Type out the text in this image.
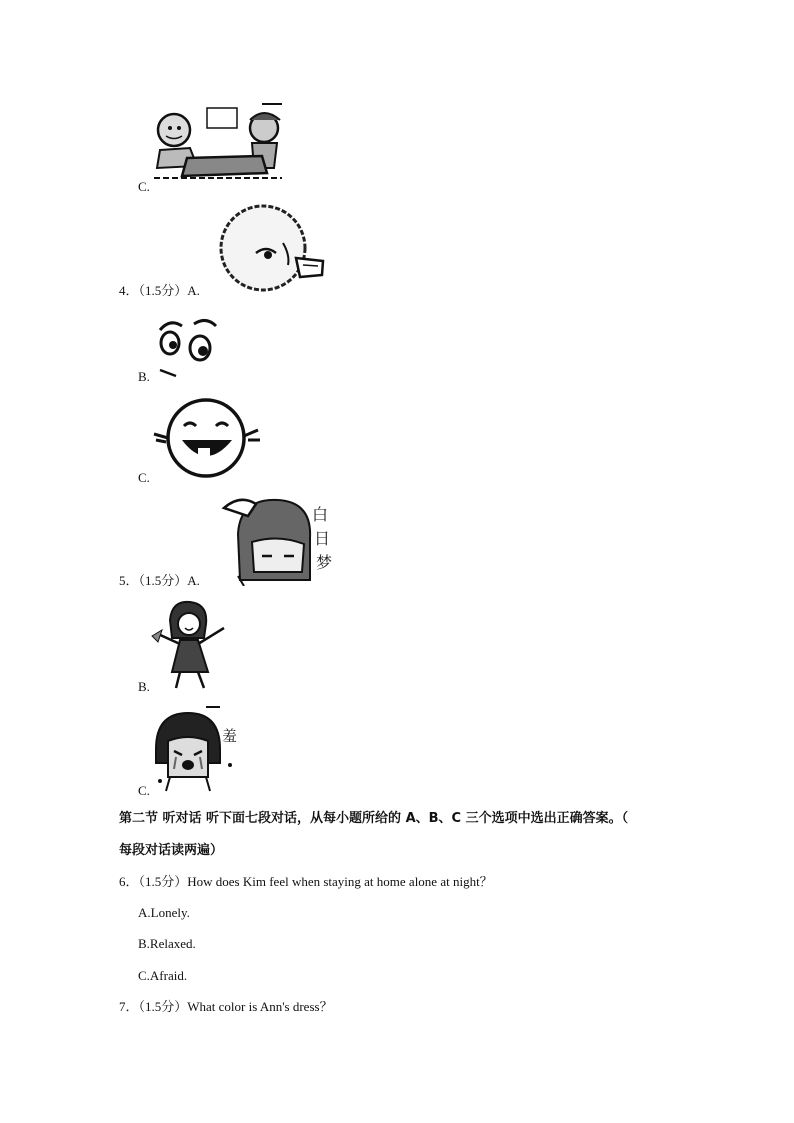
C.
4．（1.5分）A.
B.
C.
白
日
梦
5．（1.5分）A.
B.
羞
C.
第二节 听对话 听下面七段对话，从每小题所给的 A、B、C 三个选项中选出正确答案。（
每段对话读两遍）
6．（1.5分）How does Kim feel when staying at home alone at night？
A.Lonely.
B.Relaxed.
C.Afraid.
7．（1.5分）What color is Ann's dress？
